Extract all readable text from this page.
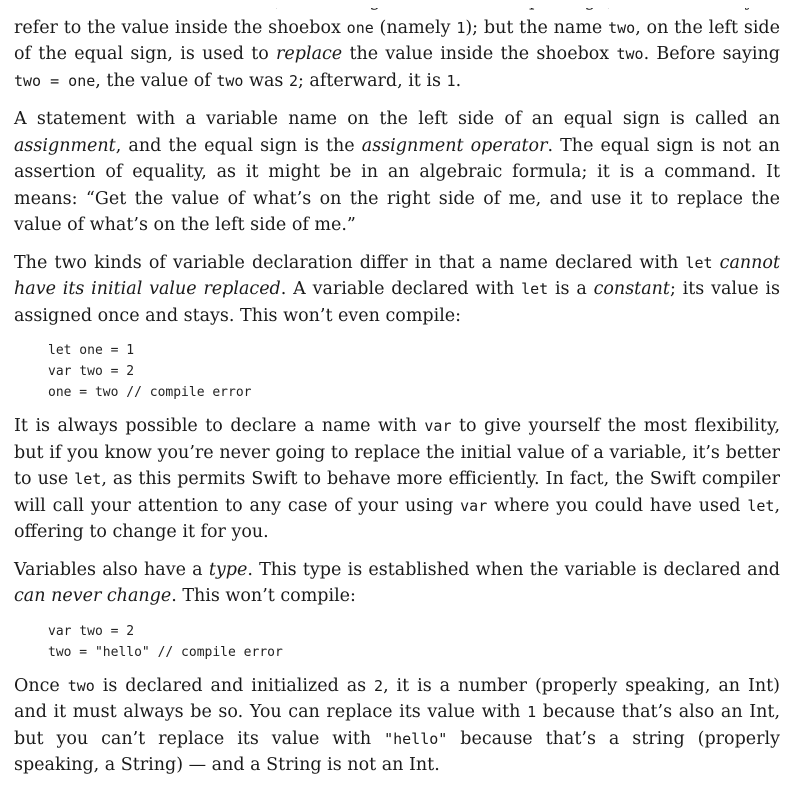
refer to the value inside the shoebox one (namely 1); but the name two, on the left side of the equal sign, is used to replace the value inside the shoebox two. Before saying two = one, the value of two was 2; afterward, it is 1.

A statement with a variable name on the left side of an equal sign is called an assignment, and the equal sign is the assignment operator. The equal sign is not an assertion of equality, as it might be in an algebraic formula; it is a command. It means: “Get the value of what’s on the right side of me, and use it to replace the value of what’s on the left side of me.”

The two kinds of variable declaration differ in that a name declared with let cannot have its initial value replaced. A variable declared with let is a constant; its value is assigned once and stays. This won’t even compile:

let one = 1
var two = 2
one = two // compile error

It is always possible to declare a name with var to give yourself the most flexibility, but if you know you’re never going to replace the initial value of a variable, it’s better to use let, as this permits Swift to behave more efficiently. In fact, the Swift compiler will call your attention to any case of your using var where you could have used let, offering to change it for you.

Variables also have a type. This type is established when the variable is declared and can never change. This won’t compile:

var two = 2
two = "hello" // compile error

Once two is declared and initialized as 2, it is a number (properly speaking, an Int) and it must always be so. You can replace its value with 1 because that’s also an Int, but you can’t replace its value with "hello" because that’s a string (properly speaking, a String) — and a String is not an Int.
